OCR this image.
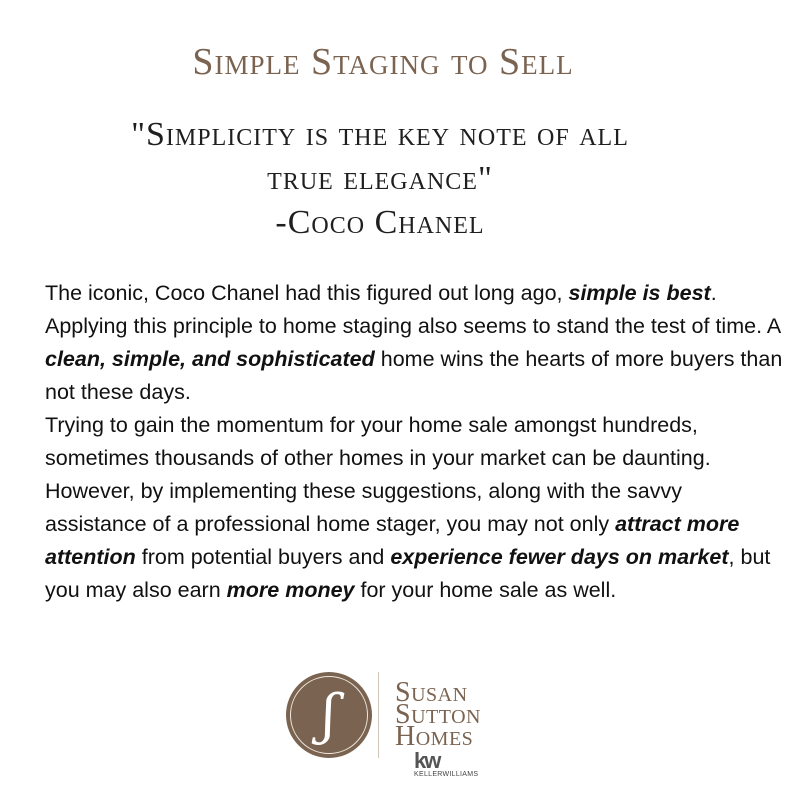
Simple Staging to Sell
"Simplicity is the key note of all
true elegance"
-Coco Chanel

The iconic, Coco Chanel had this figured out long ago, simple is best. Applying this principle to home staging also seems to stand the test of time. A clean, simple, and sophisticated home wins the hearts of more buyers than not these days.

Trying to gain the momentum for your home sale amongst hundreds, sometimes thousands of other homes in your market can be daunting.

However, by implementing these suggestions, along with the savvy assistance of a professional home stager, you may not only attract more attention from potential buyers and experience fewer days on market, but you may also earn more money for your home sale as well.

ʃ	Susan
Sutton
Homes
kw
KELLERWILLIAMS
